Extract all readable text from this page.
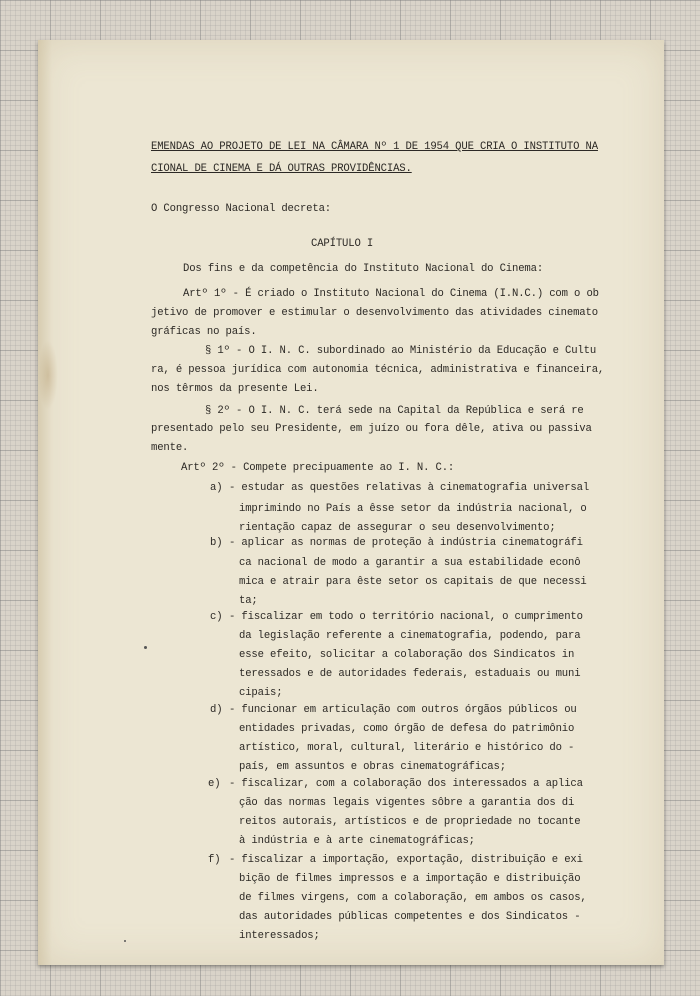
EMENDAS AO PROJETO DE LEI NA CÂMARA Nº 1 DE 1954 QUE CRIA O INSTITUTO NA
CIONAL DE CINEMA E DÁ OUTRAS PROVIDÊNCIAS.
O Congresso Nacional decreta:
CAPÍTULO I
Dos fins e da competência do Instituto Nacional do Cinema:
Artº 1º - É criado o Instituto Nacional do Cinema (I.N.C.) com o ob
jetivo de promover e estimular o desenvolvimento das atividades cinemato
gráficas no país.
§ 1º - O I. N. C. subordinado ao Ministério da Educação e Cultu
ra, é pessoa jurídica com autonomia técnica, administrativa e financeira,
nos têrmos da presente Lei.
§ 2º - O I. N. C. terá sede na Capital da República e será re
presentado pelo seu Presidente, em juízo ou fora dêle, ativa ou passiva
mente.
Artº 2º - Compete precipuamente ao I. N. C.:
a) - estudar as questões relativas à cinematografia universal
imprimindo no País a êsse setor da indústria nacional, o
rientação capaz de assegurar o seu desenvolvimento;
b) - aplicar as normas de proteção à indústria cinematográfi
ca nacional de modo a garantir a sua estabilidade econô
mica e atrair para êste setor os capitais de que necessi
ta;
c) - fiscalizar em todo o território nacional, o cumprimento
da legislação referente a cinematografia, podendo, para
esse efeito, solicitar a colaboração dos Sindicatos in
teressados e de autoridades federais, estaduais ou muni
cipais;
d) - funcionar em articulação com outros órgãos públicos ou
entidades privadas, como órgão de defesa do patrimônio
artístico, moral, cultural, literário e histórico do -
país, em assuntos e obras cinematográficas;
e) - fiscalizar, com a colaboração dos interessados a aplica
ção das normas legais vigentes sôbre a garantia dos di
reitos autorais, artísticos e de propriedade no tocante
à indústria e à arte cinematográficas;
f) - fiscalizar a importação, exportação, distribuição e exi
bição de filmes impressos e a importação e distribuição
de filmes virgens, com a colaboração, em ambos os casos,
das autoridades públicas competentes e dos Sindicatos -
interessados;
